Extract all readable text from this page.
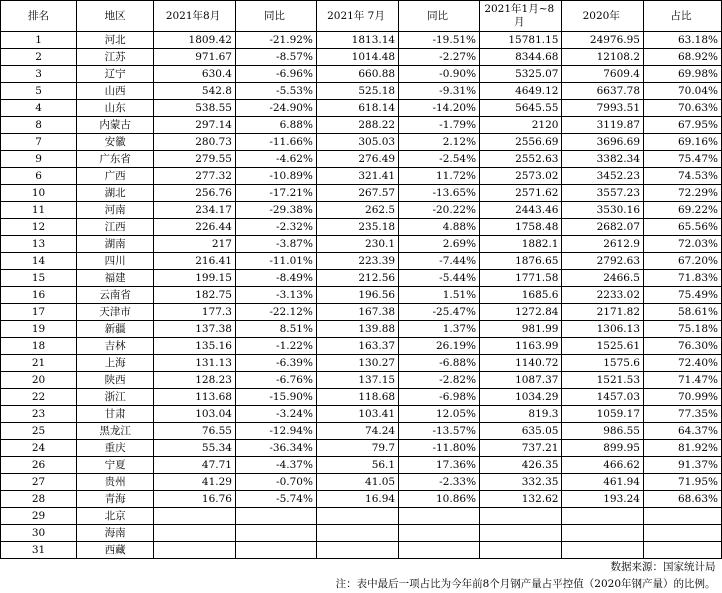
排名	地区	2021年8月	同比	2021年 7月	同比	2021年1月~8月	2020年	占比
1	河北	1809.42	-21.92%	1813.14	-19.51%	15781.15	24976.95	63.18%
2	江苏	971.67	-8.57%	1014.48	-2.27%	8344.68	12108.2	68.92%
3	辽宁	630.4	-6.96%	660.88	-0.90%	5325.07	7609.4	69.98%
5	山西	542.8	-5.53%	525.18	-9.31%	4649.12	6637.78	70.04%
4	山东	538.55	-24.90%	618.14	-14.20%	5645.55	7993.51	70.63%
8	内蒙古	297.14	6.88%	288.22	-1.79%	2120	3119.87	67.95%
7	安徽	280.73	-11.66%	305.03	2.12%	2556.69	3696.69	69.16%
9	广东省	279.55	-4.62%	276.49	-2.54%	2552.63	3382.34	75.47%
6	广西	277.32	-10.89%	321.41	11.72%	2573.02	3452.23	74.53%
10	湖北	256.76	-17.21%	267.57	-13.65%	2571.62	3557.23	72.29%
11	河南	234.17	-29.38%	262.5	-20.22%	2443.46	3530.16	69.22%
12	江西	226.44	-2.32%	235.18	4.88%	1758.48	2682.07	65.56%
13	湖南	217	-3.87%	230.1	2.69%	1882.1	2612.9	72.03%
14	四川	216.41	-11.01%	223.39	-7.44%	1876.65	2792.63	67.20%
15	福建	199.15	-8.49%	212.56	-5.44%	1771.58	2466.5	71.83%
16	云南省	182.75	-3.13%	196.56	1.51%	1685.6	2233.02	75.49%
17	天津市	177.3	-22.12%	167.38	-25.47%	1272.84	2171.82	58.61%
19	新疆	137.38	8.51%	139.88	1.37%	981.99	1306.13	75.18%
18	吉林	135.16	-1.22%	163.37	26.19%	1163.99	1525.61	76.30%
21	上海	131.13	-6.39%	130.27	-6.88%	1140.72	1575.6	72.40%
20	陕西	128.23	-6.76%	137.15	-2.82%	1087.37	1521.53	71.47%
22	浙江	113.68	-15.90%	118.68	-6.98%	1034.29	1457.03	70.99%
23	甘肃	103.04	-3.24%	103.41	12.05%	819.3	1059.17	77.35%
25	黑龙江	76.55	-12.94%	74.24	-13.57%	635.05	986.55	64.37%
24	重庆	55.34	-36.34%	79.7	-11.80%	737.21	899.95	81.92%
26	宁夏	47.71	-4.37%	56.1	17.36%	426.35	466.62	91.37%
27	贵州	41.29	-0.70%	41.05	-2.33%	332.35	461.94	71.95%
28	青海	16.76	-5.74%	16.94	10.86%	132.62	193.24	68.63%
29	北京							
30	海南							
31	西藏							
数据来源：国家统计局								
注：表中最后一项占比为今年前8个月钢产量占平控值（2020年钢产量）的比例。								
